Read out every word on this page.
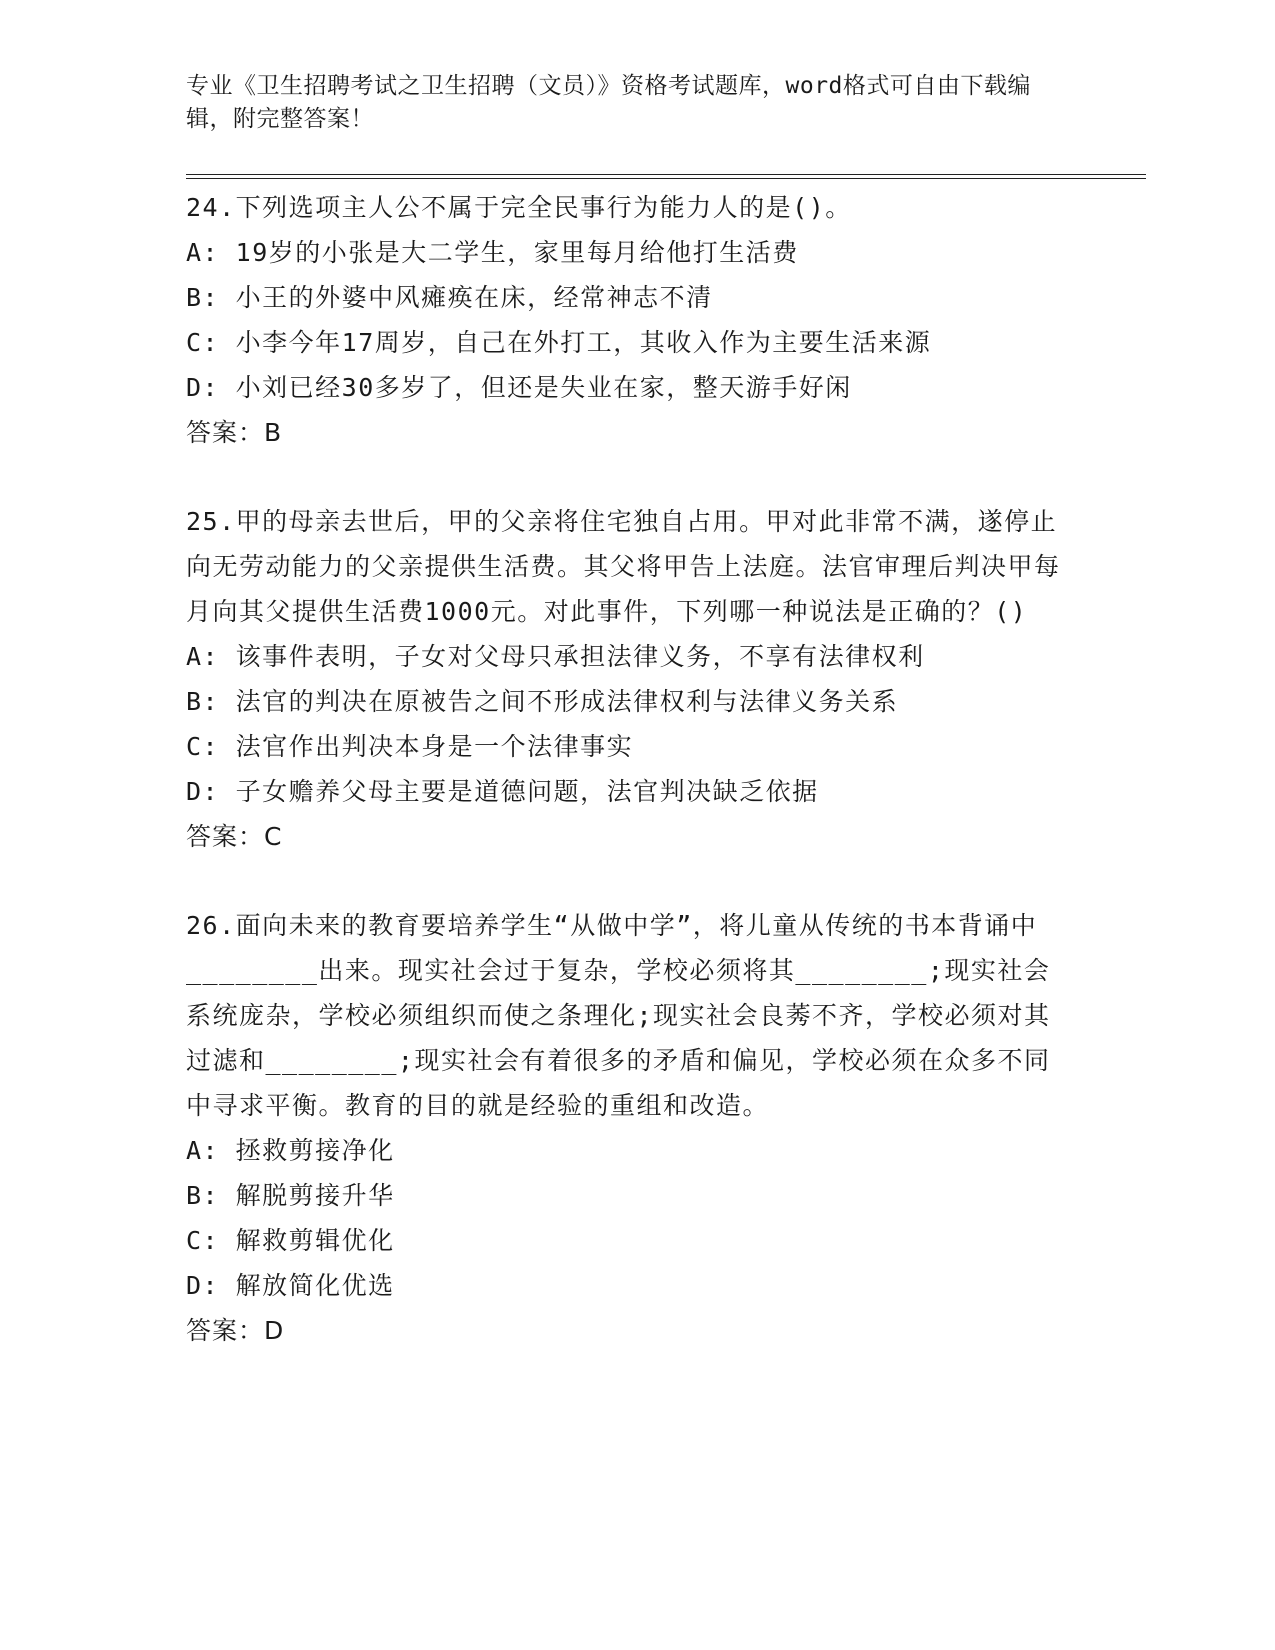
专业《卫生招聘考试之卫生招聘（文员）》资格考试题库，word格式可自由下载编辑，附完整答案！

24.下列选项主人公不属于完全民事行为能力人的是()。

A: 19岁的小张是大二学生，家里每月给他打生活费

B: 小王的外婆中风瘫痪在床，经常神志不清

C: 小李今年17周岁，自己在外打工，其收入作为主要生活来源

D: 小刘已经30多岁了，但还是失业在家，整天游手好闲

答案：B

25.甲的母亲去世后，甲的父亲将住宅独自占用。甲对此非常不满，遂停止向无劳动能力的父亲提供生活费。其父将甲告上法庭。法官审理后判决甲每月向其父提供生活费1000元。对此事件，下列哪一种说法是正确的？()

A: 该事件表明，子女对父母只承担法律义务，不享有法律权利

B: 法官的判决在原被告之间不形成法律权利与法律义务关系

C: 法官作出判决本身是一个法律事实

D: 子女赡养父母主要是道德问题，法官判决缺乏依据

答案：C

26.面向未来的教育要培养学生“从做中学”，将儿童从传统的书本背诵中________出来。现实社会过于复杂，学校必须将其________;现实社会系统庞杂，学校必须组织而使之条理化;现实社会良莠不齐，学校必须对其过滤和________;现实社会有着很多的矛盾和偏见，学校必须在众多不同中寻求平衡。教育的目的就是经验的重组和改造。

A: 拯救剪接净化

B: 解脱剪接升华

C: 解救剪辑优化

D: 解放简化优选

答案：D
